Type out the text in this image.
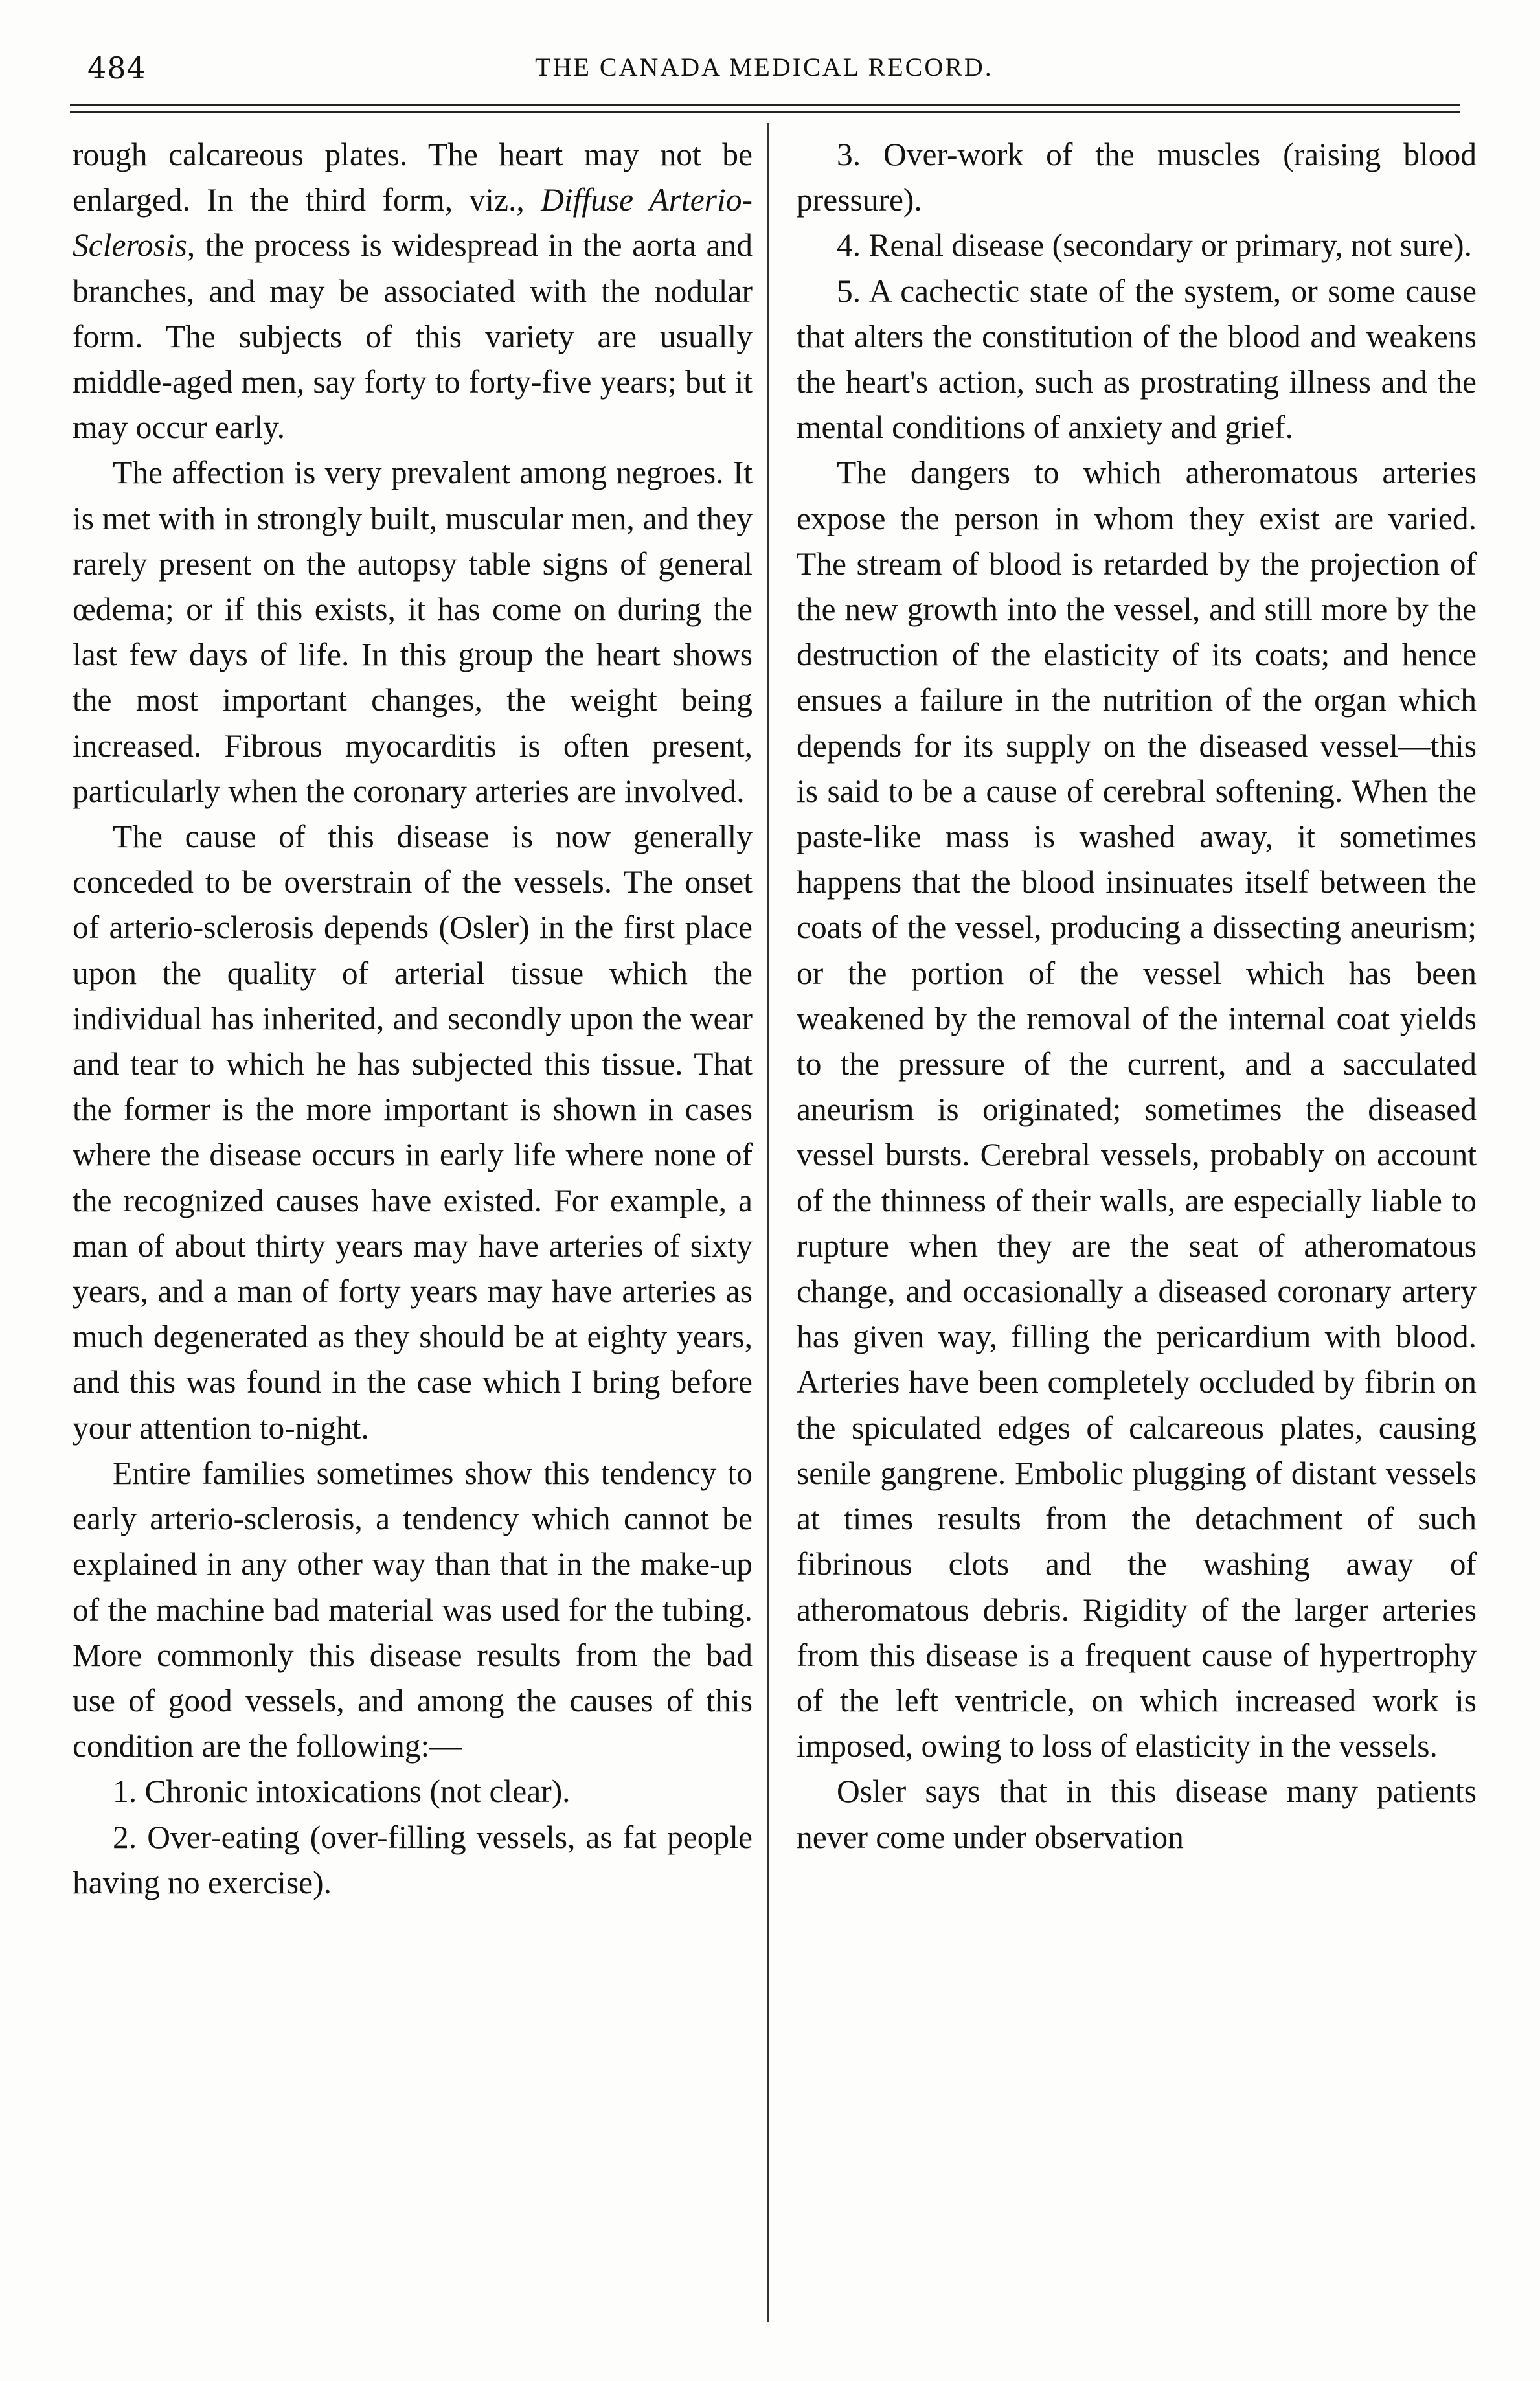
484	THE CANADA MEDICAL RECORD.

rough calcareous plates. The heart may not be enlarged. In the third form, viz., Diffuse Arterio-Sclerosis, the process is widespread in the aorta and branches, and may be associated with the nodular form. The subjects of this variety are usually middle-aged men, say forty to forty-five years; but it may occur early.

The affection is very prevalent among negroes. It is met with in strongly built, muscular men, and they rarely present on the autopsy table signs of general œdema; or if this exists, it has come on during the last few days of life. In this group the heart shows the most important changes, the weight being increased. Fibrous myocarditis is often present, particularly when the coronary arteries are involved.

The cause of this disease is now generally conceded to be overstrain of the vessels. The onset of arterio-sclerosis depends (Osler) in the first place upon the quality of arterial tissue which the individual has inherited, and secondly upon the wear and tear to which he has subjected this tissue. That the former is the more important is shown in cases where the disease occurs in early life where none of the recognized causes have existed. For example, a man of about thirty years may have arteries of sixty years, and a man of forty years may have arteries as much degenerated as they should be at eighty years, and this was found in the case which I bring before your attention to-night.

Entire families sometimes show this tendency to early arterio-sclerosis, a tendency which cannot be explained in any other way than that in the make-up of the machine bad material was used for the tubing. More commonly this disease results from the bad use of good vessels, and among the causes of this condition are the following:—

1. Chronic intoxications (not clear).

2. Over-eating (over-filling vessels, as fat people having no exercise).

3. Over-work of the muscles (raising blood pressure).

4. Renal disease (secondary or primary, not sure).

5. A cachectic state of the system, or some cause that alters the constitution of the blood and weakens the heart's action, such as prostrating illness and the mental conditions of anxiety and grief.

The dangers to which atheromatous arteries expose the person in whom they exist are varied. The stream of blood is retarded by the projection of the new growth into the vessel, and still more by the destruction of the elasticity of its coats; and hence ensues a failure in the nutrition of the organ which depends for its supply on the diseased vessel—this is said to be a cause of cerebral softening. When the paste-like mass is washed away, it sometimes happens that the blood insinuates itself between the coats of the vessel, producing a dissecting aneurism; or the portion of the vessel which has been weakened by the removal of the internal coat yields to the pressure of the current, and a sacculated aneurism is originated; sometimes the diseased vessel bursts. Cerebral vessels, probably on account of the thinness of their walls, are especially liable to rupture when they are the seat of atheromatous change, and occasionally a diseased coronary artery has given way, filling the pericardium with blood. Arteries have been completely occluded by fibrin on the spiculated edges of calcareous plates, causing senile gangrene. Embolic plugging of distant vessels at times results from the detachment of such fibrinous clots and the washing away of atheromatous debris. Rigidity of the larger arteries from this disease is a frequent cause of hypertrophy of the left ventricle, on which increased work is imposed, owing to loss of elasticity in the vessels.

Osler says that in this disease many patients never come under observation
